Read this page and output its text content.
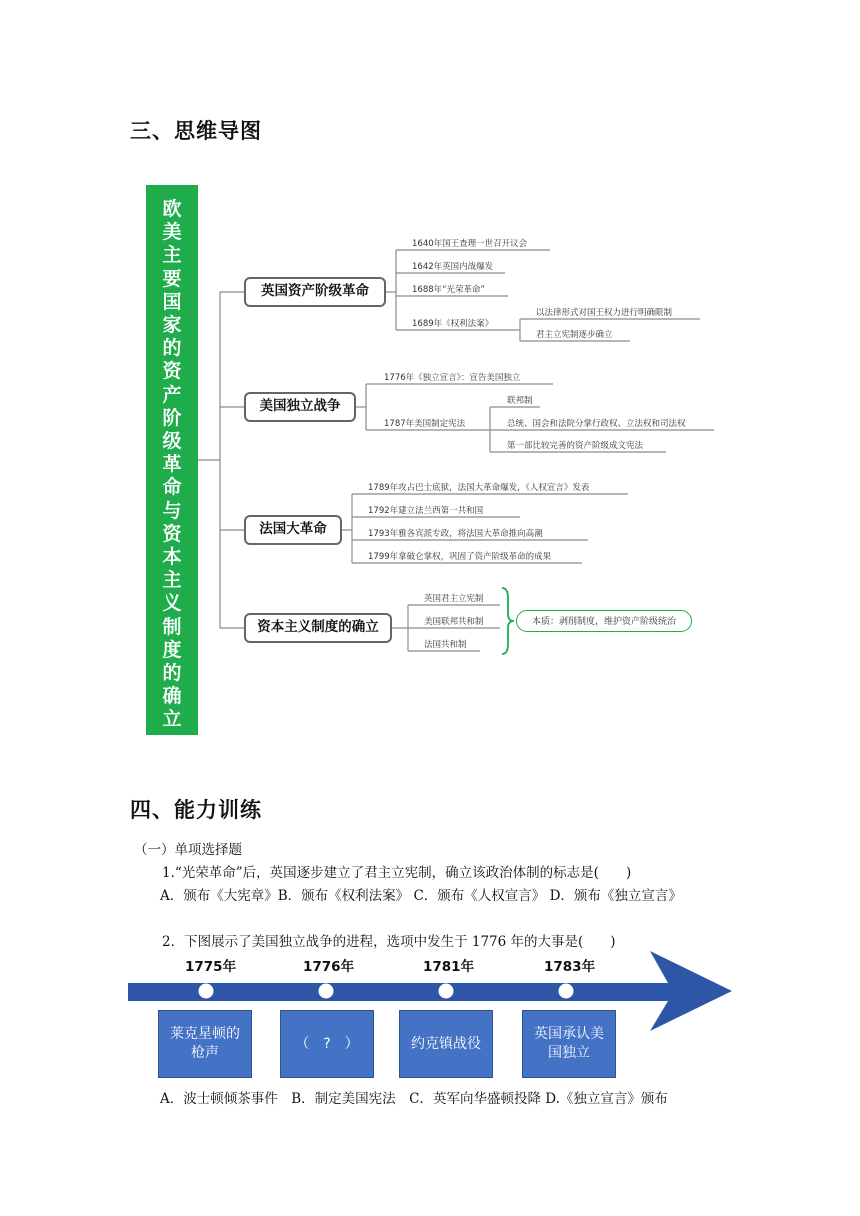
三、思维导图
欧
美
主
要
国
家
的
资
产
阶
级
革
命
与
资
本
主
义
制
度
的
确
立
英国资产阶级革命
美国独立战争
法国大革命
资本主义制度的确立
1640年国王查理一世召开议会
1642年英国内战爆发
1688年“光荣革命”
1689年《权利法案》
以法律形式对国王权力进行明确限制
君主立宪制逐步确立
1776年《独立宣言》：宣告美国独立
1787年美国制定宪法
联邦制
总统、国会和法院分掌行政权、立法权和司法权
第一部比较完善的资产阶级成文宪法
1789年攻占巴士底狱，法国大革命爆发，《人权宣言》发表
1792年建立法兰西第一共和国
1793年雅各宾派专政，将法国大革命推向高潮
1799年拿破仑掌权，巩固了资产阶级革命的成果
英国君主立宪制
美国联邦共和制
法国共和制
本质：剥削制度，维护资产阶级统治
四、能力训练
（一）单项选择题
1.“光荣革命”后，英国逐步建立了君主立宪制，确立该政治体制的标志是(　　)
A．颁布《大宪章》B．颁布《权利法案》 C．颁布《人权宣言》 D．颁布《独立宣言》
2．下图展示了美国独立战争的进程，选项中发生于 1776 年的大事是(　　)
1775年	1776年	1781年	1783年
莱克星顿的
枪声
（　?　）	约克镇战役
英国承认美
国独立
A．波士顿倾茶事件　B．制定美国宪法　C．英军向华盛顿投降 D.《独立宣言》颁布
